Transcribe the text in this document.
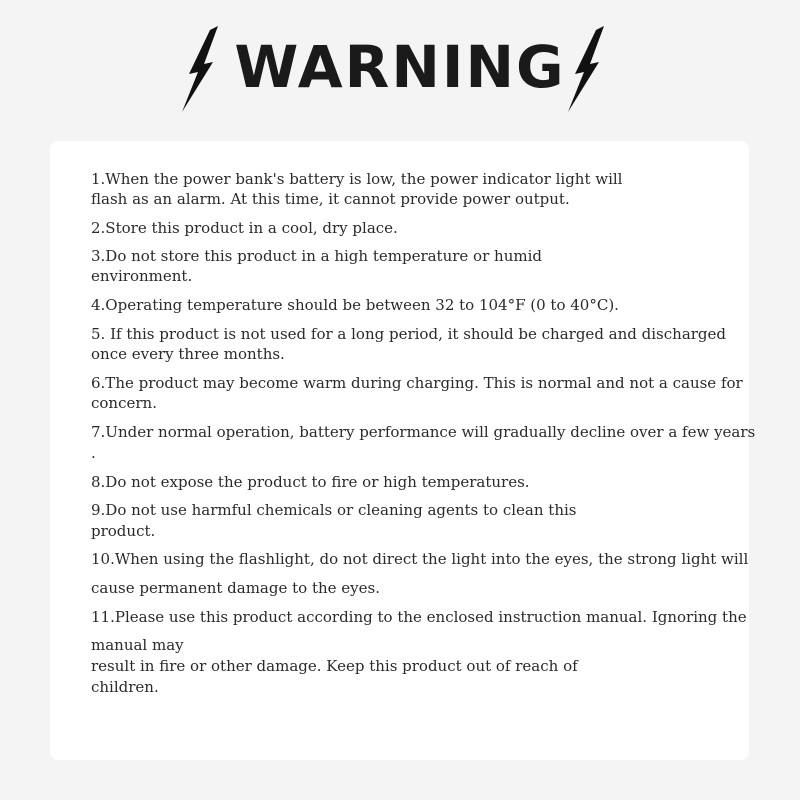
WARNING

1.When the power bank's battery is low, the power indicator light will

flash as an alarm. At this time, it cannot provide power output.

2.Store this product in a cool, dry place.

3.Do not store this product in a high temperature or humid

environment.

4.Operating temperature should be between 32 to 104°F (0 to 40°C).

5. If this product is not used for a long period, it should be charged and discharged

once every three months.

6.The product may become warm during charging. This is normal and not a cause for

concern.

7.Under normal operation, battery performance will gradually decline over a few years

.

8.Do not expose the product to fire or high temperatures.

9.Do not use harmful chemicals or cleaning agents to clean this

product.

10.When using the flashlight, do not direct the light into the eyes, the strong light will

cause permanent damage to the eyes.

11.Please use this product according to the enclosed instruction manual. Ignoring the

manual may

result in fire or other damage. Keep this product out of reach of

children.
